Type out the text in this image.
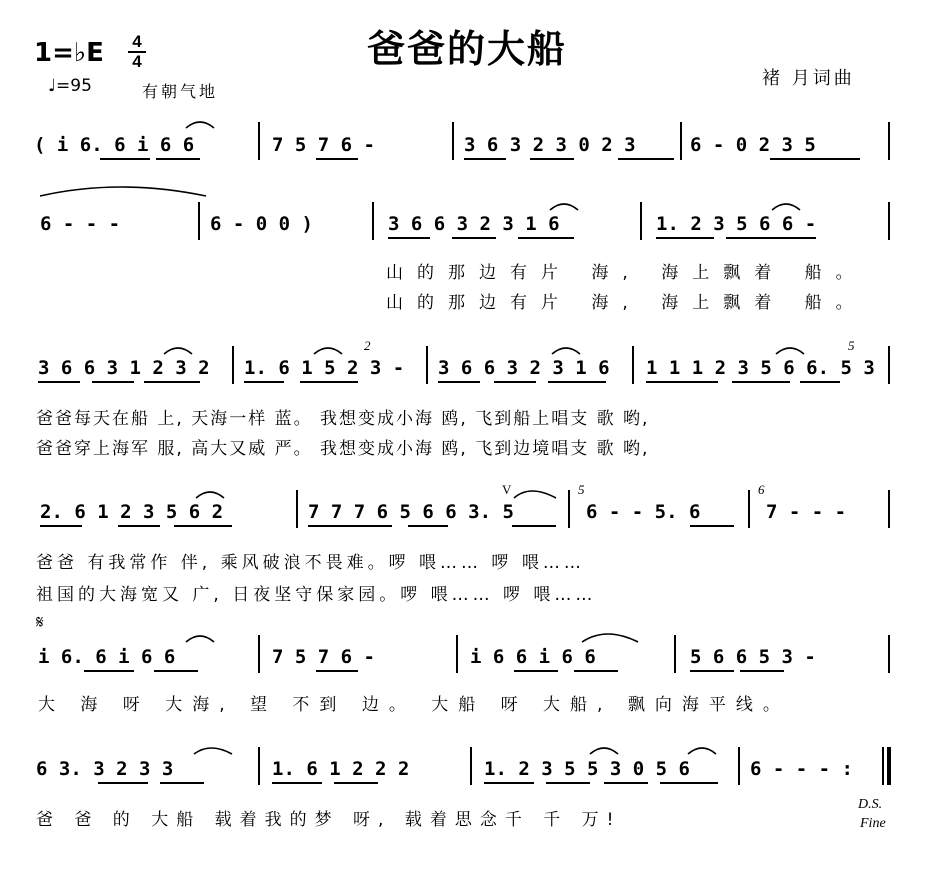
爸爸的大船
1=♭E 4
4
♩=95	有朝气地
褚 月词曲
( i 6. 6 i 6 6	7 5 7 6 -	3 6 3 2 3 0 2 3	6 - 0 2 3 5
6 - - -	6 - 0 0 )	3 6 6 3 2 3 1 6	1. 2 3 5 6 6 -
山的那边有片 海, 海上飘着 船。
山的那边有片 海, 海上飘着 船。
3 6 6 3 1 2 3 2 1. 6 1 5 2 3 -
2
3 6 6 3 2 3 1 6 1 1 1 2 3 5 6 6. 5 3
5
爸爸每天在船 上, 天海一样 蓝。 我想变成小海 鸥, 飞到船上唱支 歌 哟,
爸爸穿上海军 服, 高大又威 严。 我想变成小海 鸥, 飞到边境唱支 歌 哟,
2. 6 1 2 3 5 6 2	7 7 7 6 5 6 6 3. 5
V	5
6 - - 5. 6
6
7 - - -
爸爸 有我常作 伴, 乘风破浪不畏难。啰 喂…… 啰 喂……
祖国的大海宽又 广, 日夜坚守保家园。啰 喂…… 啰 喂……
𝄋
i 6. 6 i 6 6	7 5 7 6 -	i 6 6 i 6 6	5 6 6 5 3 -
大 海 呀 大海, 望 不到 边。 大船 呀 大船, 飘向海平线。
6 3. 3 2 3 3	1. 6 1 2 2 2	1. 2 3 5 5 3 0 5 6	6 - - - :
爸 爸 的 大船 载着我的梦 呀, 载着思念千 千 万!
D.S.
Fine
